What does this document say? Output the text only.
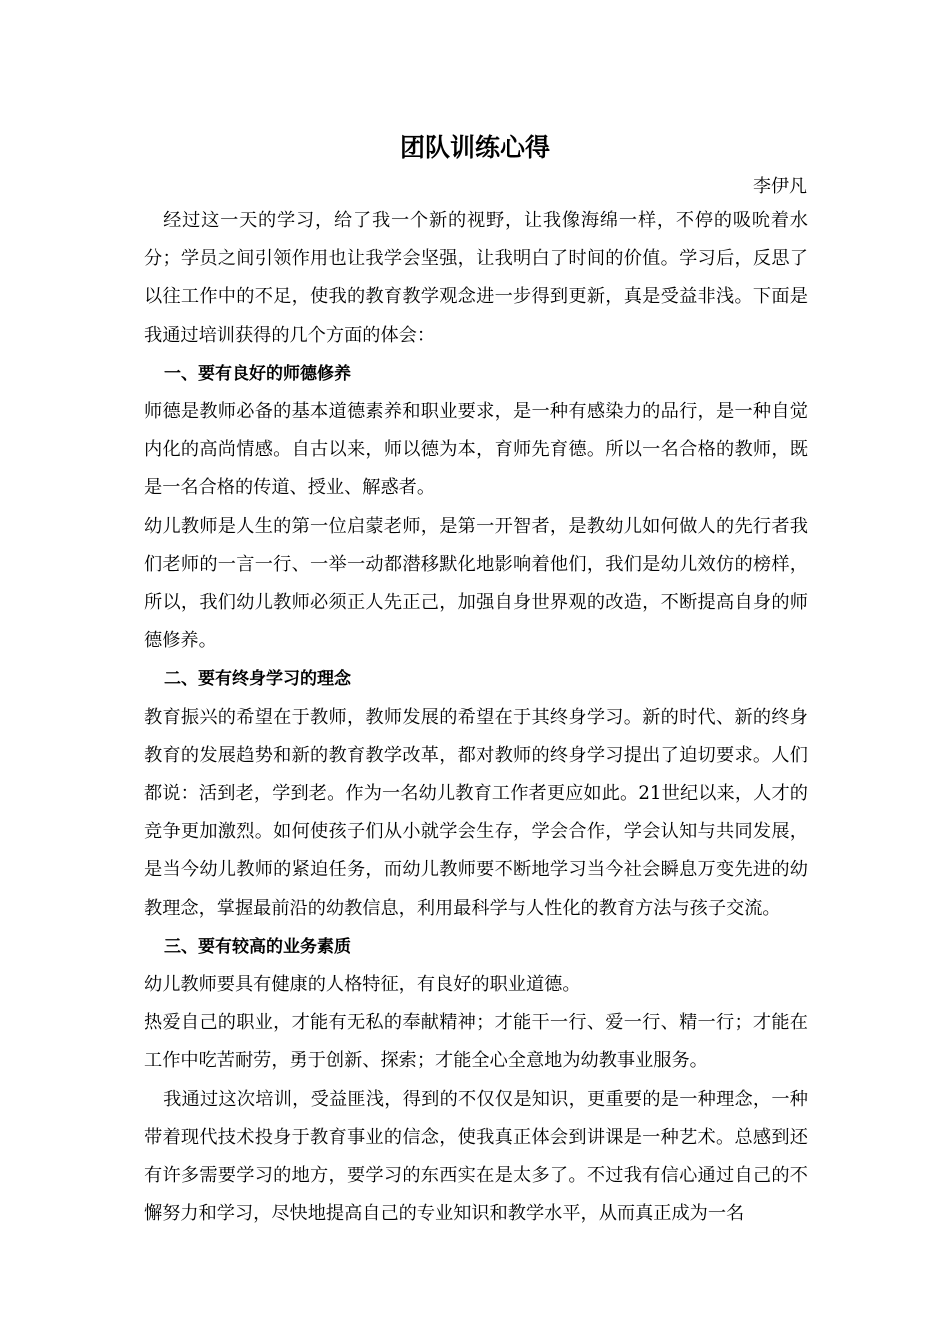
团队训练心得
李伊凡

经过这一天的学习，给了我一个新的视野，让我像海绵一样，不停的吸吮着水分；学员之间引领作用也让我学会坚强，让我明白了时间的价值。学习后，反思了以往工作中的不足，使我的教育教学观念进一步得到更新，真是受益非浅。下面是我通过培训获得的几个方面的体会：

一、要有良好的师德修养

师德是教师必备的基本道德素养和职业要求，是一种有感染力的品行，是一种自觉内化的高尚情感。自古以来，师以德为本，育师先育德。所以一名合格的教师，既是一名合格的传道、授业、解惑者。

幼儿教师是人生的第一位启蒙老师，是第一开智者，是教幼儿如何做人的先行者我们老师的一言一行、一举一动都潜移默化地影响着他们，我们是幼儿效仿的榜样，所以，我们幼儿教师必须正人先正己，加强自身世界观的改造，不断提高自身的师德修养。

二、要有终身学习的理念

教育振兴的希望在于教师，教师发展的希望在于其终身学习。新的时代、新的终身教育的发展趋势和新的教育教学改革，都对教师的终身学习提出了迫切要求。人们都说：活到老，学到老。作为一名幼儿教育工作者更应如此。21世纪以来，人才的竞争更加激烈。如何使孩子们从小就学会生存，学会合作，学会认知与共同发展，是当今幼儿教师的紧迫任务，而幼儿教师要不断地学习当今社会瞬息万变先进的幼教理念，掌握最前沿的幼教信息，利用最科学与人性化的教育方法与孩子交流。

三、要有较高的业务素质

幼儿教师要具有健康的人格特征，有良好的职业道德。

热爱自己的职业，才能有无私的奉献精神；才能干一行、爱一行、精一行；才能在工作中吃苦耐劳，勇于创新、探索；才能全心全意地为幼教事业服务。

我通过这次培训，受益匪浅，得到的不仅仅是知识，更重要的是一种理念，一种带着现代技术投身于教育事业的信念，使我真正体会到讲课是一种艺术。总感到还有许多需要学习的地方，要学习的东西实在是太多了。不过我有信心通过自己的不懈努力和学习，尽快地提高自己的专业知识和教学水平，从而真正成为一名
